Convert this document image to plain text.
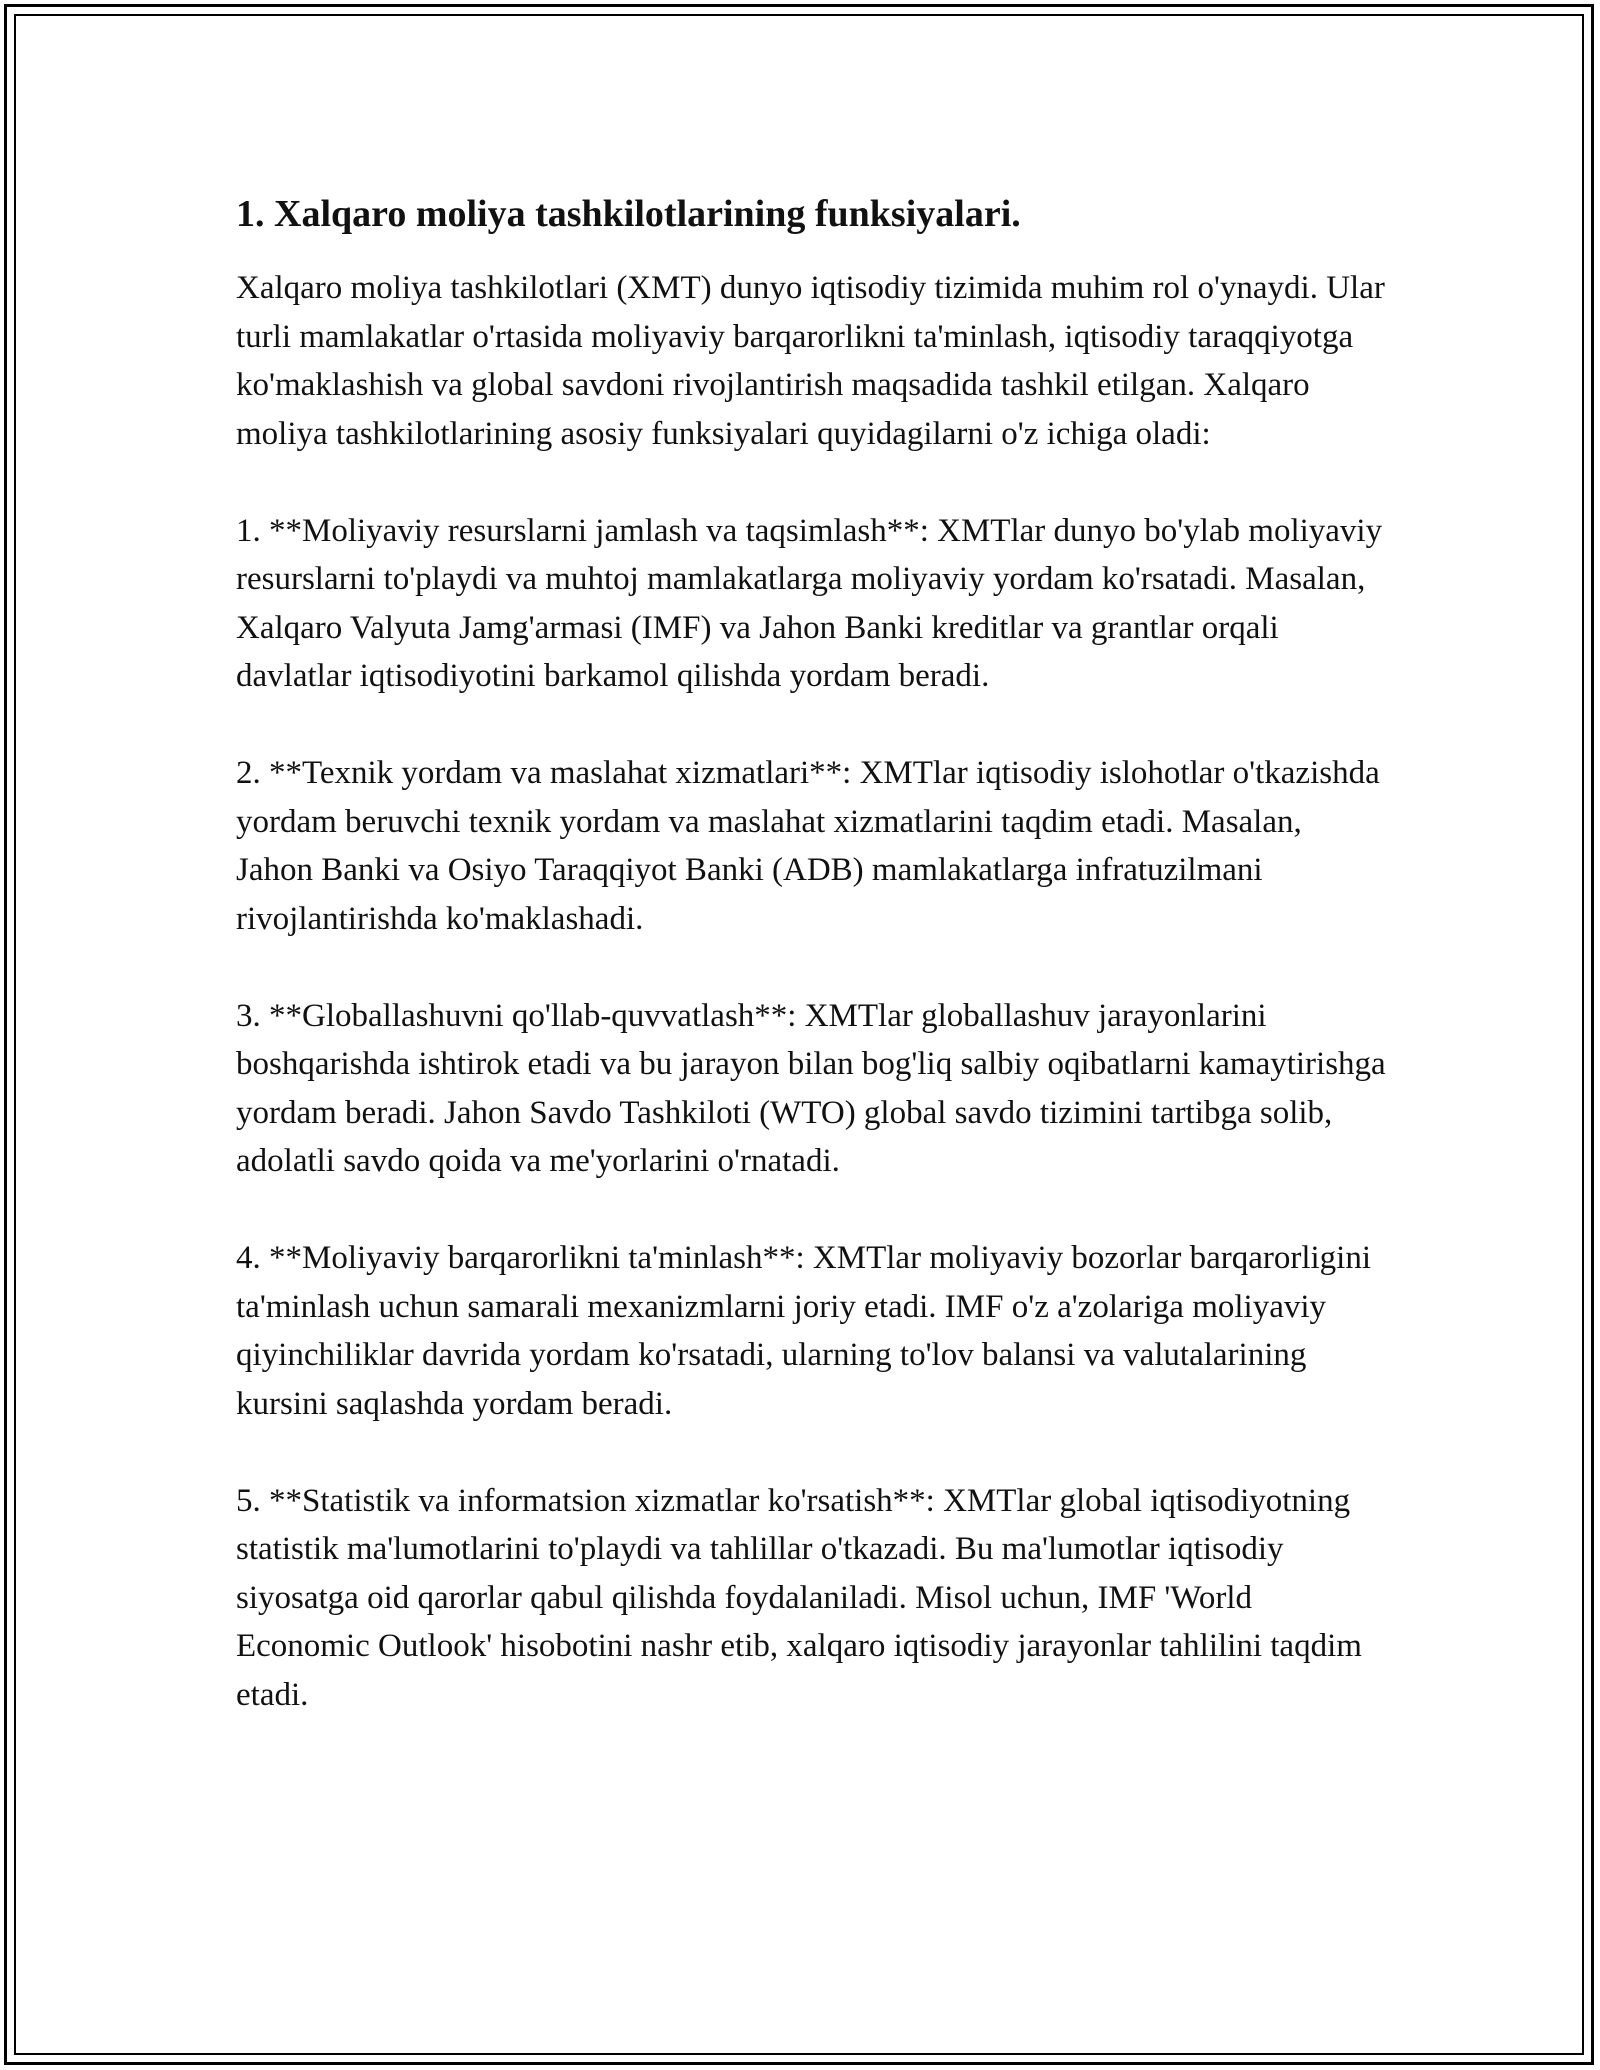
1. Xalqaro moliya tashkilotlarining funksiyalari.

Xalqaro moliya tashkilotlari (XMT) dunyo iqtisodiy tizimida muhim rol o'ynaydi. Ular turli mamlakatlar o'rtasida moliyaviy barqarorlikni ta'minlash, iqtisodiy taraqqiyotga ko'maklashish va global savdoni rivojlantirish maqsadida tashkil etilgan. Xalqaro moliya tashkilotlarining asosiy funksiyalari quyidagilarni o'z ichiga oladi:

1. **Moliyaviy resurslarni jamlash va taqsimlash**: XMTlar dunyo bo'ylab moliyaviy resurslarni to'playdi va muhtoj mamlakatlarga moliyaviy yordam ko'rsatadi. Masalan, Xalqaro Valyuta Jamg'armasi (IMF) va Jahon Banki kreditlar va grantlar orqali davlatlar iqtisodiyotini barkamol qilishda yordam beradi.

2. **Texnik yordam va maslahat xizmatlari**: XMTlar iqtisodiy islohotlar o'tkazishda yordam beruvchi texnik yordam va maslahat xizmatlarini taqdim etadi. Masalan, Jahon Banki va Osiyo Taraqqiyot Banki (ADB) mamlakatlarga infratuzilmani rivojlantirishda ko'maklashadi.

3. **Globallashuvni qo'llab-quvvatlash**: XMTlar globallashuv jarayonlarini boshqarishda ishtirok etadi va bu jarayon bilan bog'liq salbiy oqibatlarni kamaytirishga yordam beradi. Jahon Savdo Tashkiloti (WTO) global savdo tizimini tartibga solib, adolatli savdo qoida va me'yorlarini o'rnatadi.

4. **Moliyaviy barqarorlikni ta'minlash**: XMTlar moliyaviy bozorlar barqarorligini ta'minlash uchun samarali mexanizmlarni joriy etadi. IMF o'z a'zolariga moliyaviy qiyinchiliklar davrida yordam ko'rsatadi, ularning to'lov balansi va valutalarining kursini saqlashda yordam beradi.

5. **Statistik va informatsion xizmatlar ko'rsatish**: XMTlar global iqtisodiyotning statistik ma'lumotlarini to'playdi va tahlillar o'tkazadi. Bu ma'lumotlar iqtisodiy siyosatga oid qarorlar qabul qilishda foydalaniladi. Misol uchun, IMF 'World Economic Outlook' hisobotini nashr etib, xalqaro iqtisodiy jarayonlar tahlilini taqdim etadi.
